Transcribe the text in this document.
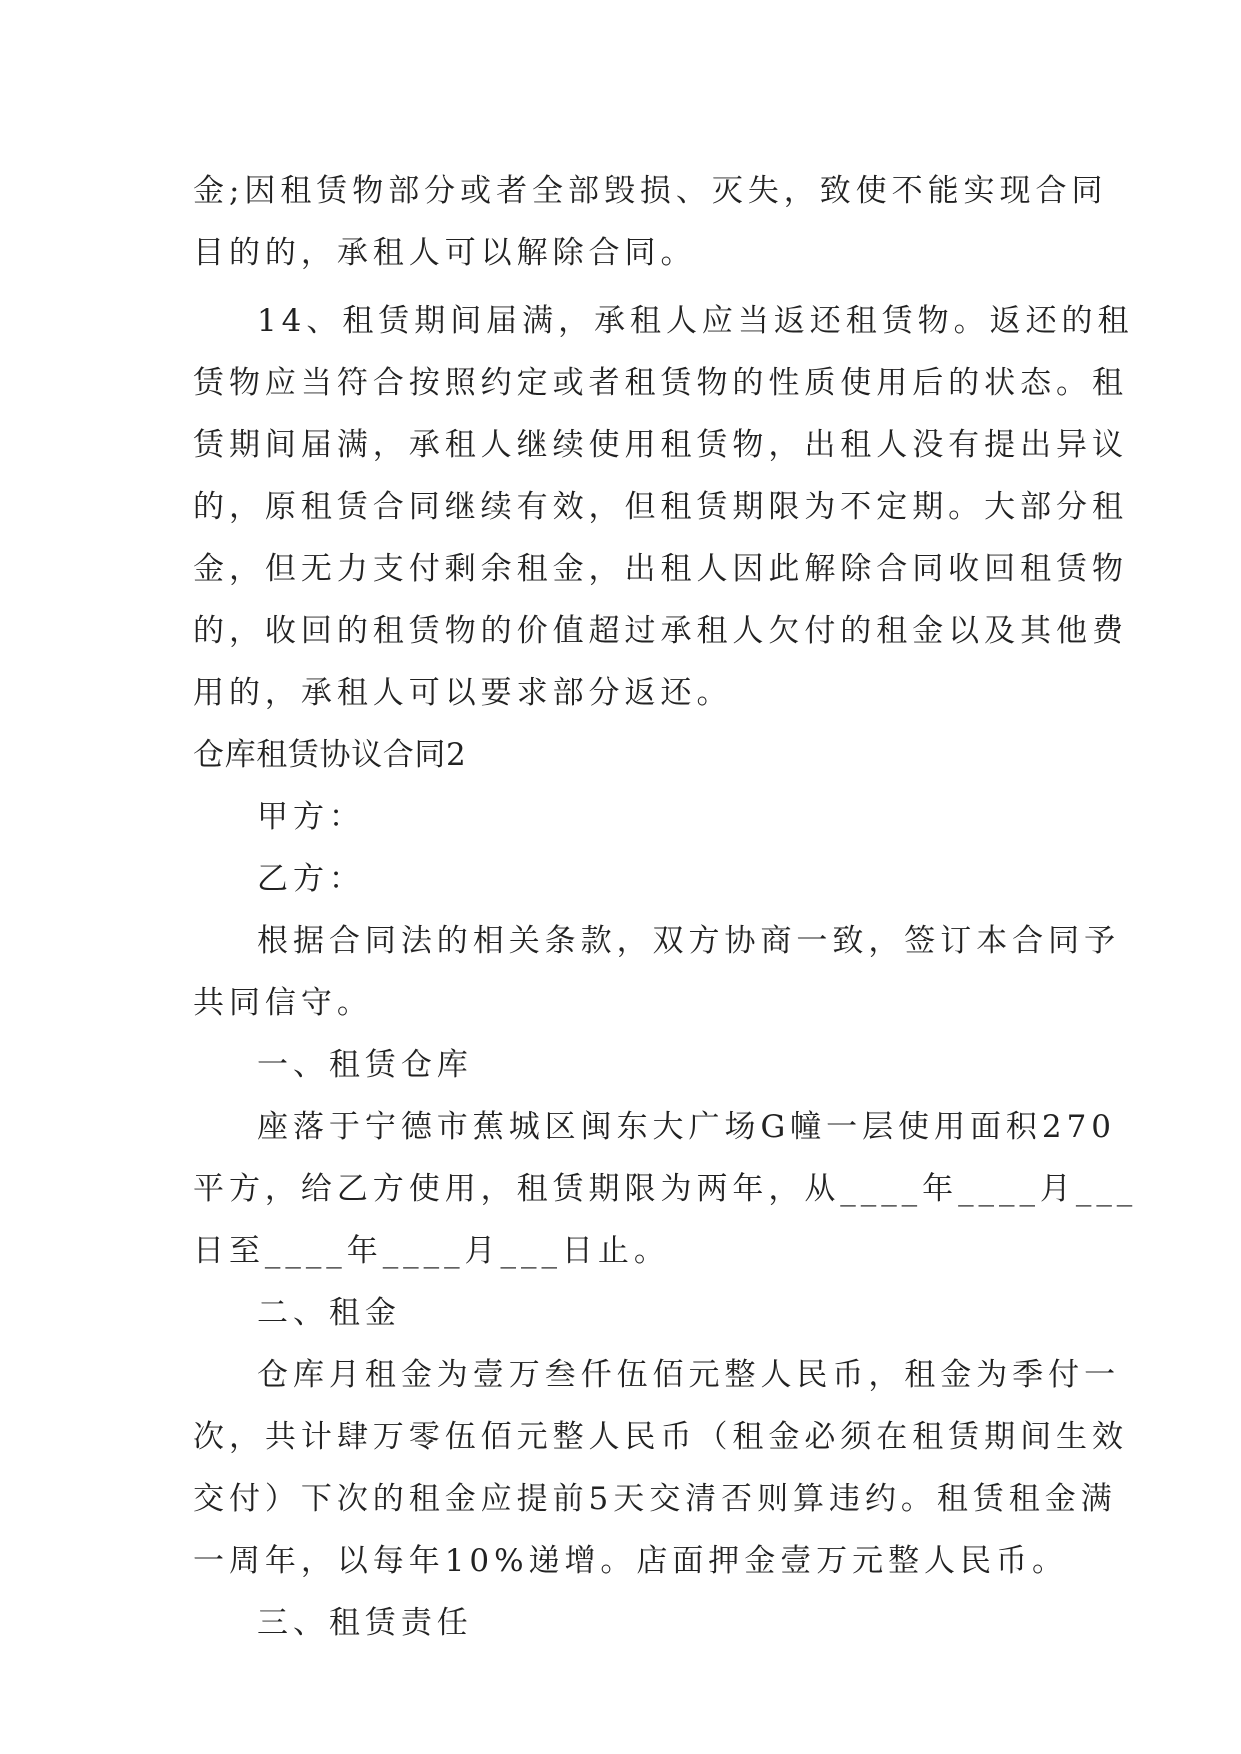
金;因租赁物部分或者全部毁损、灭失，致使不能实现合同
目的的，承租人可以解除合同。
14、租赁期间届满，承租人应当返还租赁物。返还的租
赁物应当符合按照约定或者租赁物的性质使用后的状态。租
赁期间届满，承租人继续使用租赁物，出租人没有提出异议
的，原租赁合同继续有效，但租赁期限为不定期。大部分租
金，但无力支付剩余租金，出租人因此解除合同收回租赁物
的，收回的租赁物的价值超过承租人欠付的租金以及其他费
用的，承租人可以要求部分返还。
仓库租赁协议合同2
甲方：
乙方：
根据合同法的相关条款，双方协商一致，签订本合同予
共同信守。
一、租赁仓库
座落于宁德市蕉城区闽东大广场G幢一层使用面积270
平方，给乙方使用，租赁期限为两年，从____年____月___
日至____年____月___日止。
二、租金
仓库月租金为壹万叁仟伍佰元整人民币，租金为季付一
次，共计肆万零伍佰元整人民币（租金必须在租赁期间生效
交付）下次的租金应提前5天交清否则算违约。租赁租金满
一周年，以每年10%递增。店面押金壹万元整人民币。
三、租赁责任
